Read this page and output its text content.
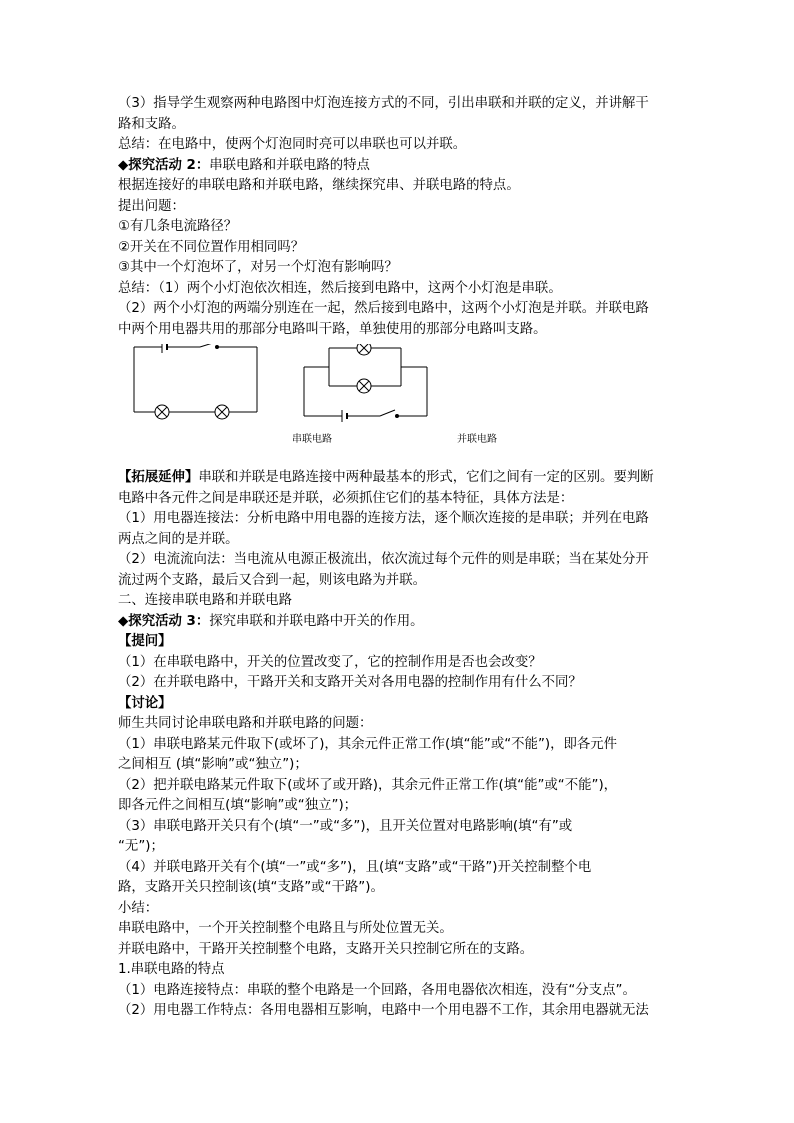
（3）指导学生观察两种电路图中灯泡连接方式的不同，引出串联和并联的定义，并讲解干
路和支路。
总结：在电路中，使两个灯泡同时亮可以串联也可以并联。
◆探究活动 2：串联电路和并联电路的特点
根据连接好的串联电路和并联电路，继续探究串、并联电路的特点。
提出问题：
①有几条电流路径？
②开关在不同位置作用相同吗？
③其中一个灯泡坏了，对另一个灯泡有影响吗？
总结：（1）两个小灯泡依次相连，然后接到电路中，这两个小灯泡是串联。
（2）两个小灯泡的两端分别连在一起，然后接到电路中，这两个小灯泡是并联。并联电路
中两个用电器共用的那部分电路叫干路，单独使用的那部分电路叫支路。
串联电路	并联电路
【拓展延伸】串联和并联是电路连接中两种最基本的形式，它们之间有一定的区别。要判断
电路中各元件之间是串联还是并联，必须抓住它们的基本特征，具体方法是：
（1）用电器连接法：分析电路中用电器的连接方法，逐个顺次连接的是串联；并列在电路
两点之间的是并联。
（2）电流流向法：当电流从电源正极流出，依次流过每个元件的则是串联；当在某处分开
流过两个支路，最后又合到一起，则该电路为并联。
二、连接串联电路和并联电路
◆探究活动 3：探究串联和并联电路中开关的作用。
【提问】
（1）在串联电路中，开关的位置改变了，它的控制作用是否也会改变？
（2）在并联电路中，干路开关和支路开关对各用电器的控制作用有什么不同？
【讨论】
师生共同讨论串联电路和并联电路的问题：
（1）串联电路某元件取下(或坏了)，其余元件正常工作(填“能”或“不能”)，即各元件
之间相互 (填“影响”或“独立”)；
（2）把并联电路某元件取下(或坏了或开路)，其余元件正常工作(填“能”或“不能”)，
即各元件之间相互(填“影响”或“独立”)；
（3）串联电路开关只有个(填“一”或“多”)，且开关位置对电路影响(填“有”或
“无”)；
（4）并联电路开关有个(填“一”或“多”)，且(填“支路”或“干路”)开关控制整个电
路，支路开关只控制该(填“支路”或“干路”)。
小结：
串联电路中，一个开关控制整个电路且与所处位置无关。
并联电路中，干路开关控制整个电路，支路开关只控制它所在的支路。
1.串联电路的特点
（1）电路连接特点：串联的整个电路是一个回路，各用电器依次相连，没有“分支点”。
（2）用电器工作特点：各用电器相互影响，电路中一个用电器不工作，其余用电器就无法
